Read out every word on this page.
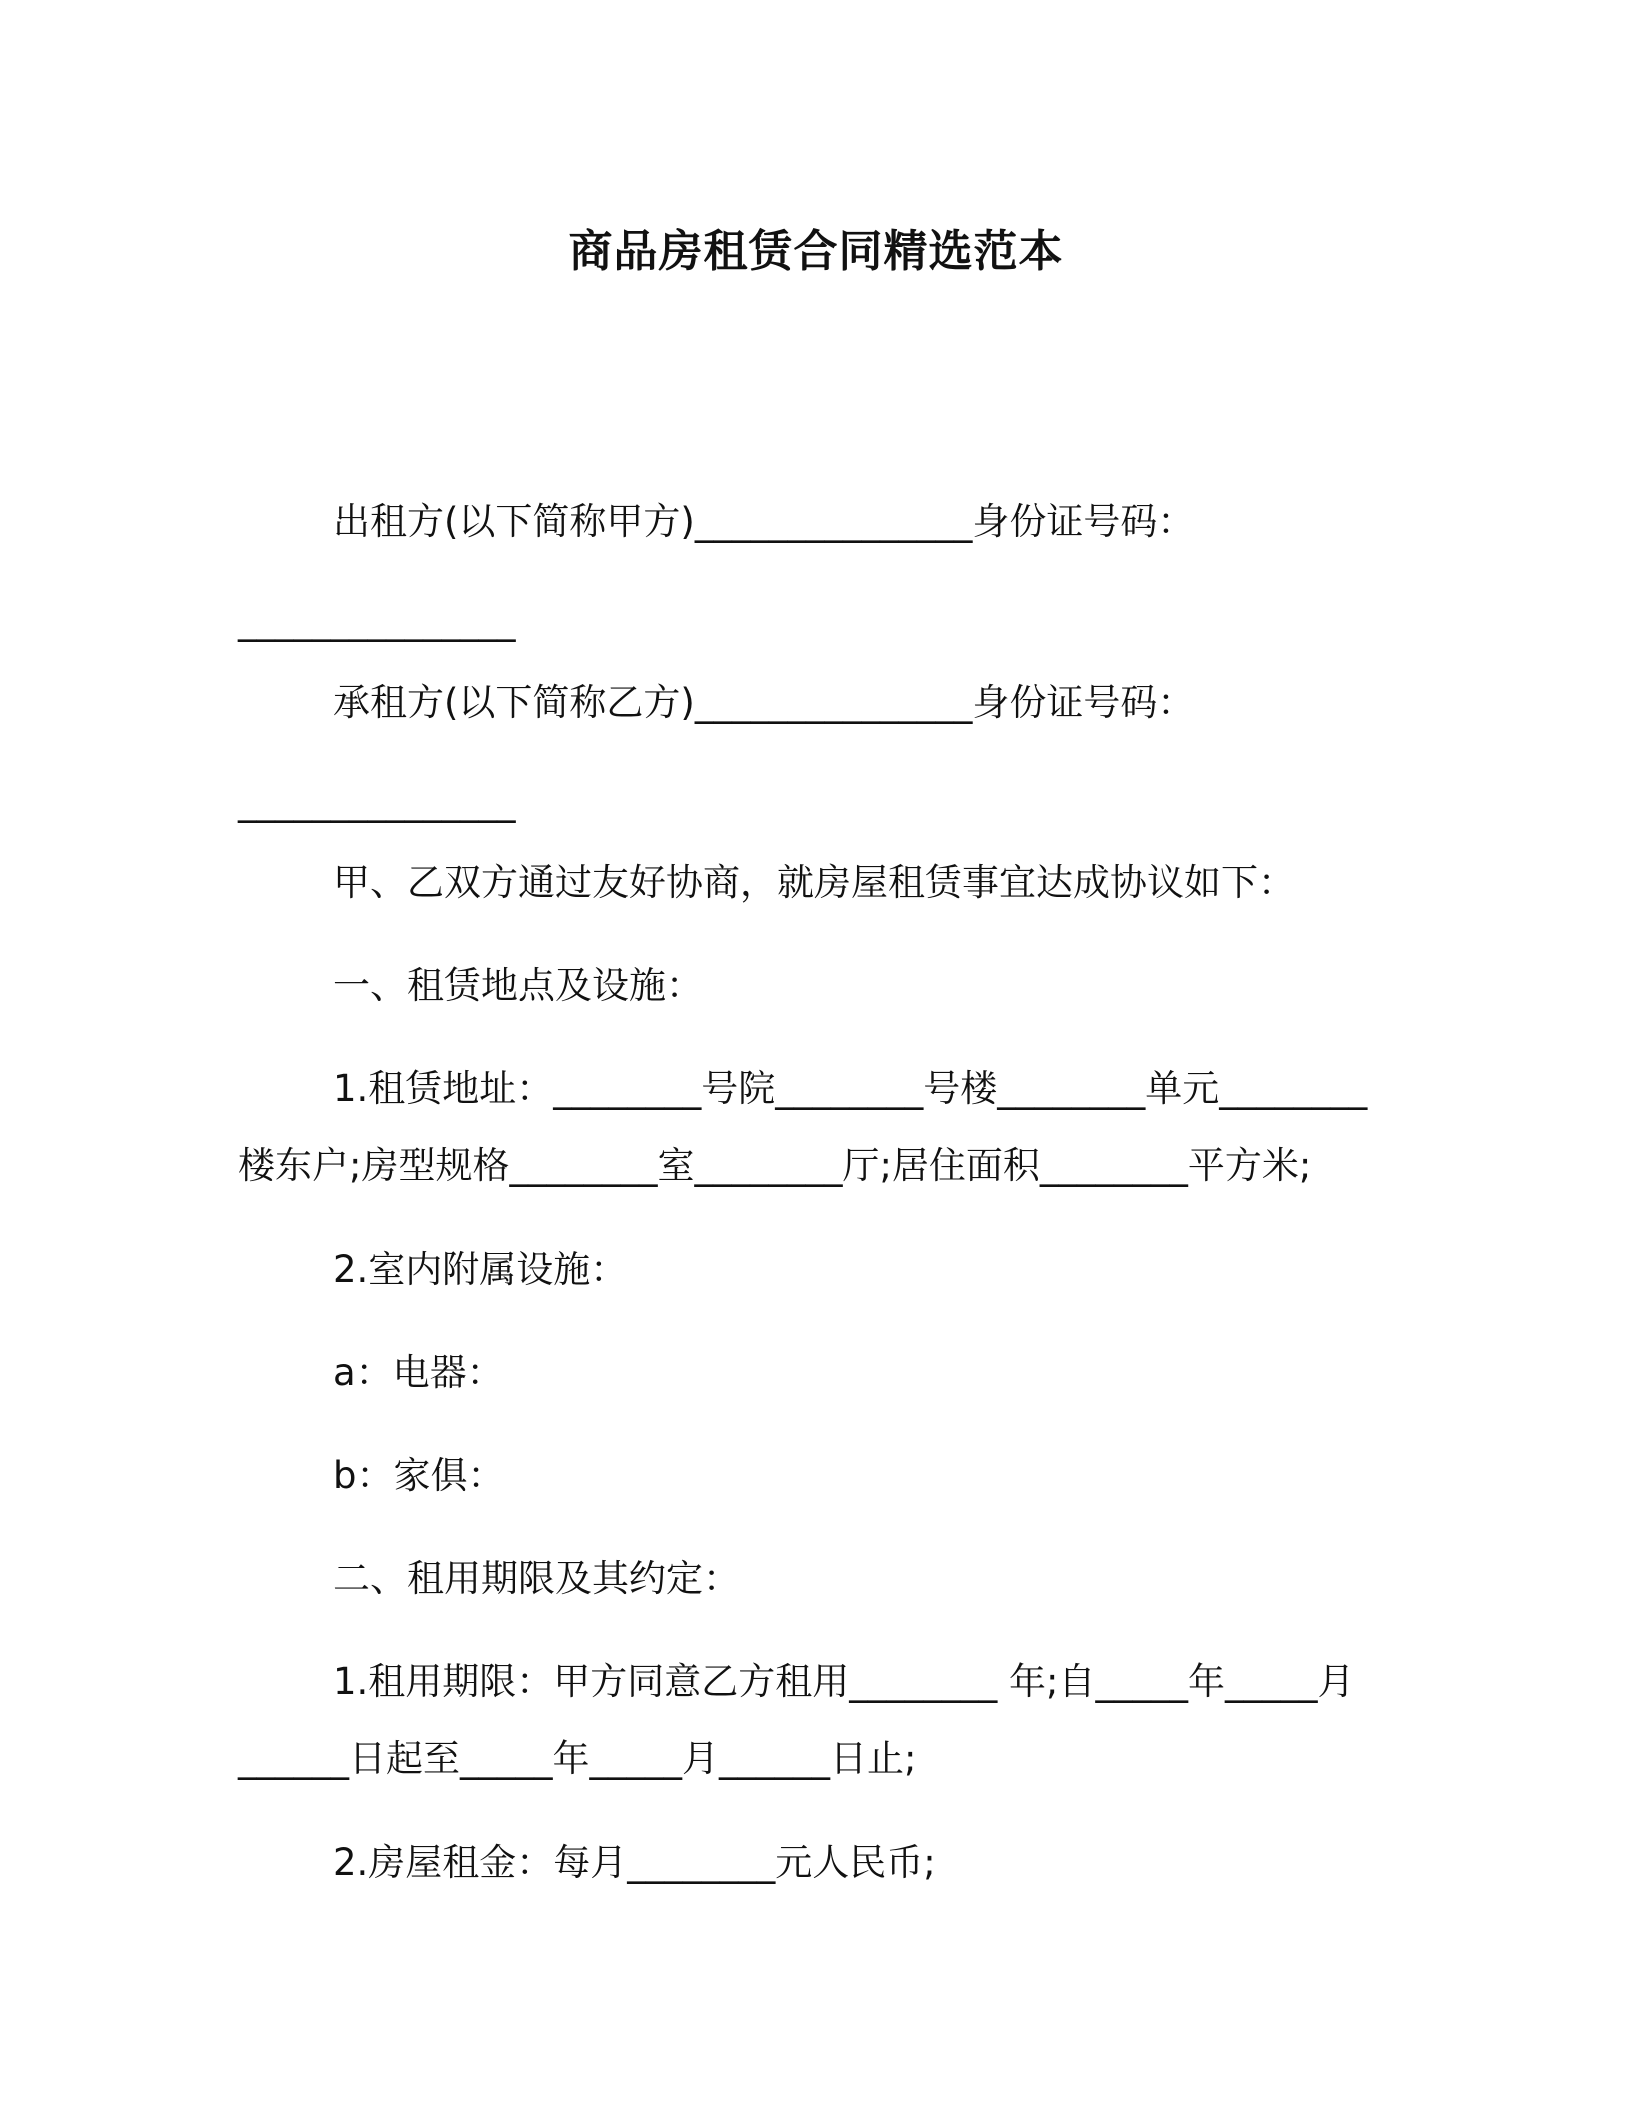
商品房租赁合同精选范本
出租方(以下简称甲方)_______________身份证号码：
_______________
承租方(以下简称乙方)_______________身份证号码：
_______________
甲、乙双方通过友好协商，就房屋租赁事宜达成协议如下：
一、租赁地点及设施：
1.租赁地址：________号院________号楼________单元________
楼东户;房型规格________室________厅;居住面积________平方米;
2.室内附属设施：
a：电器：
b：家俱：
二、租用期限及其约定：
1.租用期限：甲方同意乙方租用________ 年;自_____年_____月
______日起至_____年_____月______日止;
2.房屋租金：每月________元人民币;
